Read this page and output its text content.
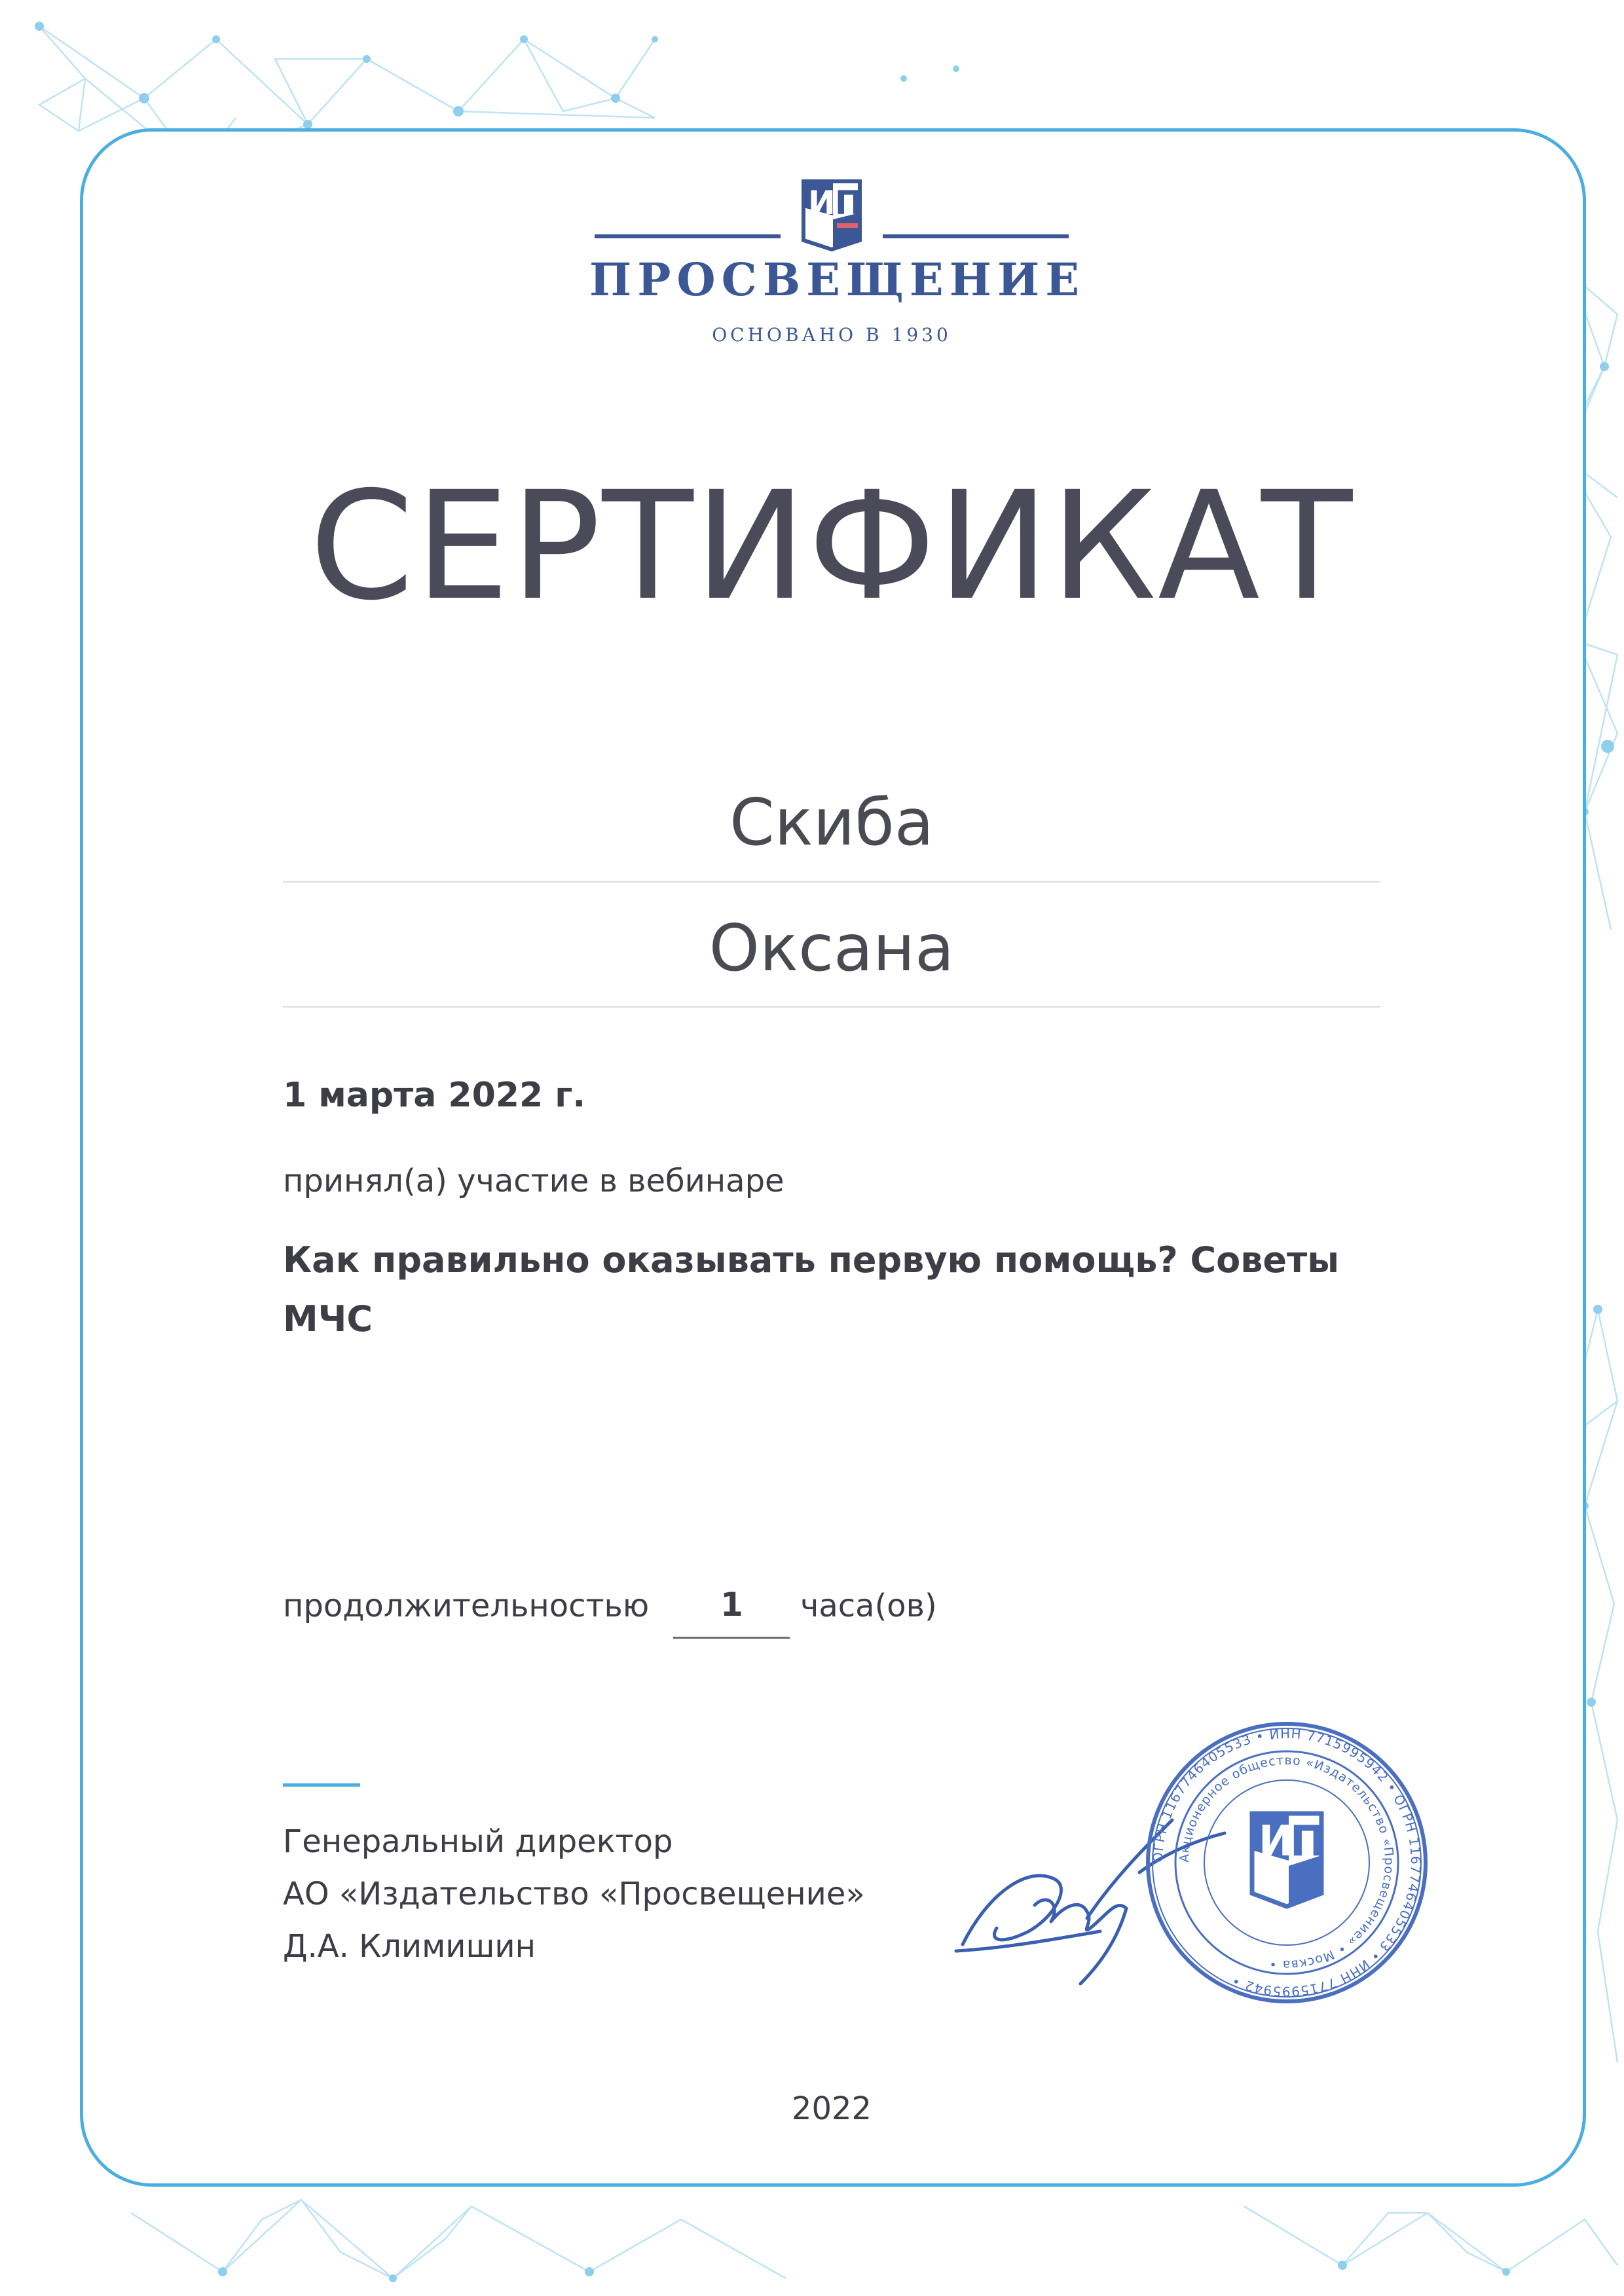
И П
ПРОСВЕЩЕНИЕ
ОСНОВАНО В 1930
СЕРТИФИКАТ
Скиба
Оксана
1 марта 2022 г.
принял(а) участие в вебинаре
Как правильно оказывать первую помощь? Советы МЧС
продолжительностью	1	часа(ов)
Генеральный директор
АО «Издательство «Просвещение»
Д.А. Климишин
ОГРН 1167746405533 • ИНН 7715995942 • ОГРН 1167746405533 • ИНН 7715995942 •
Акционерное общество «Издательство «Просвещение» • Москва •
И
П
2022
